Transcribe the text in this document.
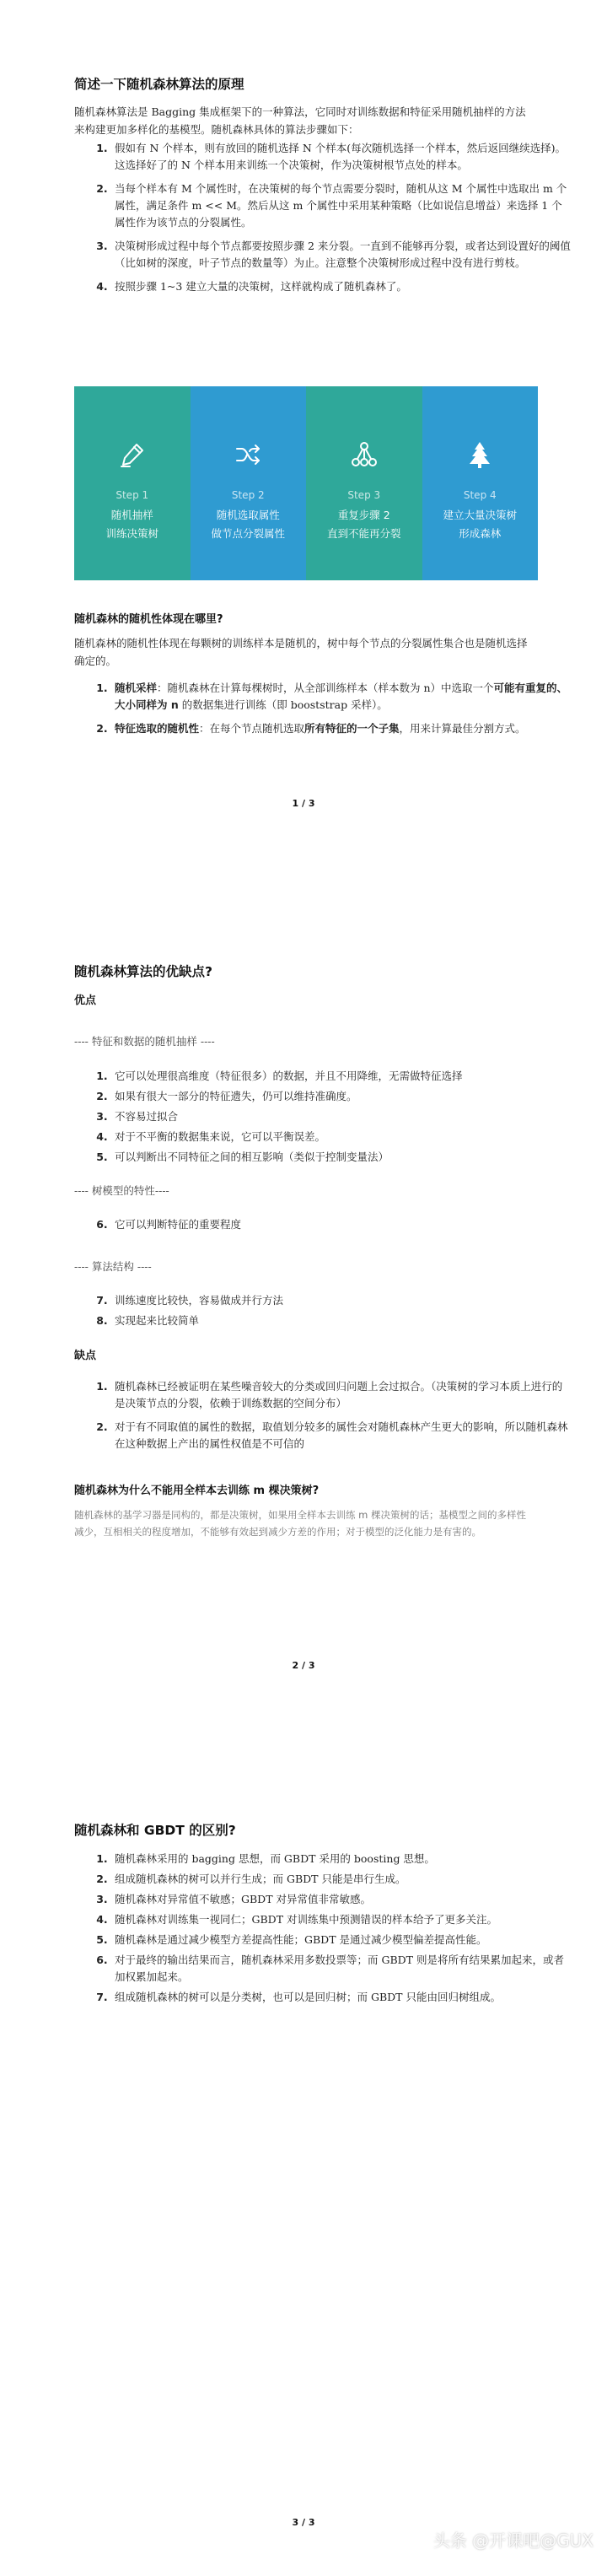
简述一下随机森林算法的原理

随机森林算法是 Bagging 集成框架下的一种算法，它同时对训练数据和特征采用随机抽样的方法来构建更加多样化的基模型。随机森林具体的算法步骤如下：

1. 假如有 N 个样本，则有放回的随机选择 N 个样本(每次随机选择一个样本，然后返回继续选择)。这选择好了的 N 个样本用来训练一个决策树，作为决策树根节点处的样本。
2. 当每个样本有 M 个属性时，在决策树的每个节点需要分裂时，随机从这 M 个属性中选取出 m 个属性，满足条件 m << M。然后从这 m 个属性中采用某种策略（比如说信息增益）来选择 1 个属性作为该节点的分裂属性。
3. 决策树形成过程中每个节点都要按照步骤 2 来分裂。一直到不能够再分裂，或者达到设置好的阈值（比如树的深度，叶子节点的数量等）为止。注意整个决策树形成过程中没有进行剪枝。
4. 按照步骤 1~3 建立大量的决策树，这样就构成了随机森林了。
Step 1
随机抽样
训练决策树
Step 2
随机选取属性
做节点分裂属性
Step 3
重复步骤 2
直到不能再分裂
Step 4
建立大量决策树
形成森林
随机森林的随机性体现在哪里?

随机森林的随机性体现在每颗树的训练样本是随机的，树中每个节点的分裂属性集合也是随机选择确定的。

1. 随机采样：随机森林在计算每棵树时，从全部训练样本（样本数为 n）中选取一个可能有重复的、大小同样为 n 的数据集进行训练（即 booststrap 采样）。
2. 特征选取的随机性：在每个节点随机选取所有特征的一个子集，用来计算最佳分割方式。

1 / 3

随机森林算法的优缺点?
优点

---- 特征和数据的随机抽样 ----

1. 它可以处理很高维度（特征很多）的数据，并且不用降维，无需做特征选择
2. 如果有很大一部分的特征遗失，仍可以维持准确度。
3. 不容易过拟合
4. 对于不平衡的数据集来说，它可以平衡误差。
5. 可以判断出不同特征之间的相互影响（类似于控制变量法）

---- 树模型的特性----

6. 它可以判断特征的重要程度

---- 算法结构 ----

7. 训练速度比较快，容易做成并行方法
8. 实现起来比较简单
缺点
1. 随机森林已经被证明在某些噪音较大的分类或回归问题上会过拟合。（决策树的学习本质上进行的是决策节点的分裂，依赖于训练数据的空间分布）
2. 对于有不同取值的属性的数据，取值划分较多的属性会对随机森林产生更大的影响，所以随机森林在这种数据上产出的属性权值是不可信的
随机森林为什么不能用全样本去训练 m 棵决策树?

随机森林的基学习器是同构的，都是决策树，如果用全样本去训练 m 棵决策树的话；基模型之间的多样性减少，互相相关的程度增加，不能够有效起到减少方差的作用；对于模型的泛化能力是有害的。

2 / 3

随机森林和 GBDT 的区别?
1. 随机森林采用的 bagging 思想，而 GBDT 采用的 boosting 思想。
2. 组成随机森林的树可以并行生成；而 GBDT 只能是串行生成。
3. 随机森林对异常值不敏感；GBDT 对异常值非常敏感。
4. 随机森林对训练集一视同仁；GBDT 对训练集中预测错误的样本给予了更多关注。
5. 随机森林是通过减少模型方差提高性能；GBDT 是通过减少模型偏差提高性能。
6. 对于最终的输出结果而言，随机森林采用多数投票等；而 GBDT 则是将所有结果累加起来，或者加权累加起来。
7. 组成随机森林的树可以是分类树，也可以是回归树；而 GBDT 只能由回归树组成。

3 / 3

头条 @开课吧@GUX
